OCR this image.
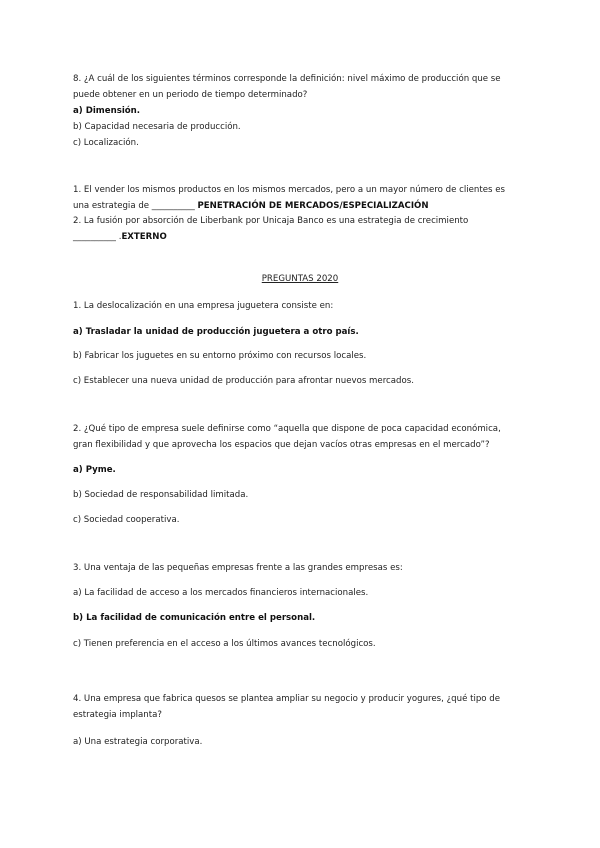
8. ¿A cuál de los siguientes términos corresponde la definición: nivel máximo de producción que se
puede obtener en un periodo de tiempo determinado?
a) Dimensión.
b) Capacidad necesaria de producción.
c) Localización.
1. El vender los mismos productos en los mismos mercados, pero a un mayor número de clientes es
una estrategia de __________ PENETRACIÓN DE MERCADOS/ESPECIALIZACIÓN
2. La fusión por absorción de Liberbank por Unicaja Banco es una estrategia de crecimiento
__________ .EXTERNO
PREGUNTAS 2020
1. La deslocalización en una empresa juguetera consiste en:
a) Trasladar la unidad de producción juguetera a otro país.
b) Fabricar los juguetes en su entorno próximo con recursos locales.
c) Establecer una nueva unidad de producción para afrontar nuevos mercados.
2. ¿Qué tipo de empresa suele definirse como “aquella que dispone de poca capacidad económica,
gran flexibilidad y que aprovecha los espacios que dejan vacíos otras empresas en el mercado”?
a) Pyme.
b) Sociedad de responsabilidad limitada.
c) Sociedad cooperativa.
3. Una ventaja de las pequeñas empresas frente a las grandes empresas es:
a) La facilidad de acceso a los mercados financieros internacionales.
b) La facilidad de comunicación entre el personal.
c) Tienen preferencia en el acceso a los últimos avances tecnológicos.
4. Una empresa que fabrica quesos se plantea ampliar su negocio y producir yogures, ¿qué tipo de
estrategia implanta?
a) Una estrategia corporativa.
